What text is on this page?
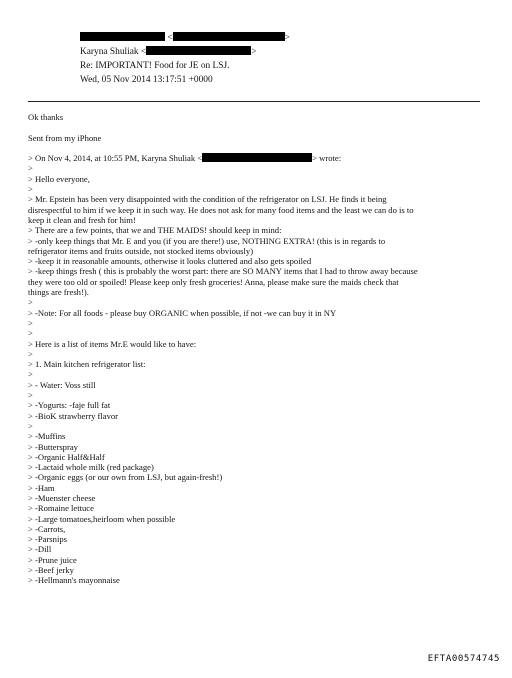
<	>
Karyna Shuliak <	>
Re: IMPORTANT! Food for JE on LSJ.
Wed, 05 Nov 2014 13:17:51 +0000
Ok thanks
Sent from my iPhone
> On Nov 4, 2014, at 10:55 PM, Karyna Shuliak <	> wrote:
>
> Hello everyone,
>
> Mr. Epstein has been very disappointed with the condition of the refrigerator on LSJ. He finds it being
disrespectful to him if we keep it in such way. He does not ask for many food items and the least we can do is to
keep it clean and fresh for him!
> There are a few points, that we and THE MAIDS! should keep in mind:
> -only keep things that Mr. E and you (if you are there!) use, NOTHING EXTRA! (this is in regards to
refrigerator items and fruits outside, not stocked items obviously)
> -keep it in reasonable amounts, otherwise it looks cluttered and also gets spoiled
> -keep things fresh ( this is probably the worst part: there are SO MANY items that I had to throw away because
they were too old or spoiled! Please keep only fresh groceries! Anna, please make sure the maids check that
things are fresh!).
>
> -Note: For all foods - please buy ORGANIC when possible, if not -we can buy it in NY
>
>
> Here is a list of items Mr.E would like to have:
>
> 1. Main kitchen refrigerator list:
>
> - Water: Voss still
>
> -Yogurts: -faje full fat
> -BioK strawberry flavor
>
> -Muffins
> -Butterspray
> -Organic Half&Half
> -Lactaid whole milk (red package)
> -Organic eggs (or our own from LSJ, but again-fresh!)
> -Ham
> -Muenster cheese
> -Romaine lettuce
> -Large tomatoes,heirloom when possible
> -Carrots,
> -Parsnips
> -Dill
> -Prune juice
> -Beef jerky
> -Hellmann's mayonnaise
EFTA00574745
